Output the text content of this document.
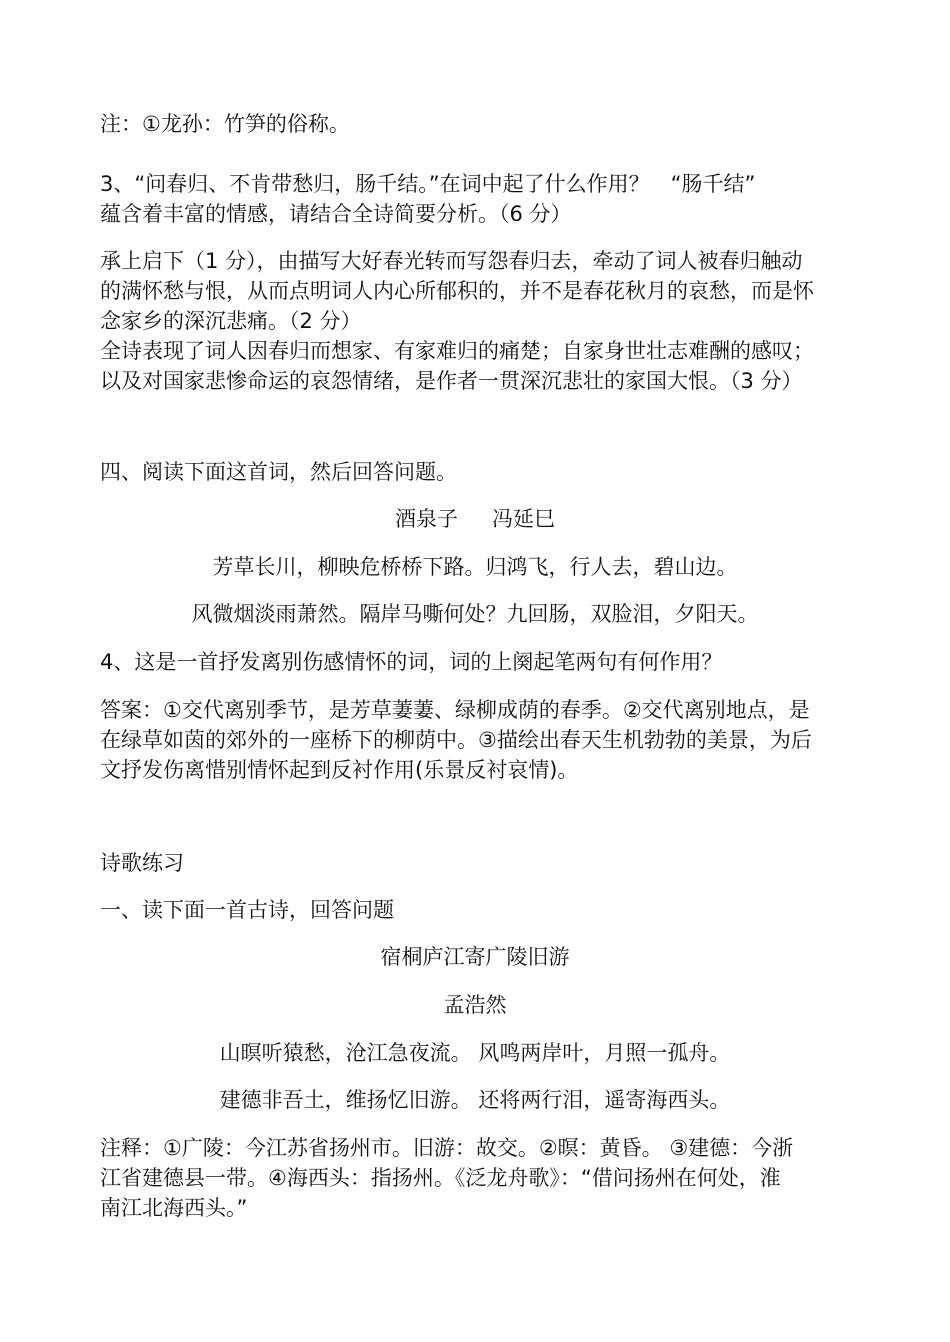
注：①龙孙：竹笋的俗称。

3、“问春归、不肯带愁归，肠千结。”在词中起了什么作用？　“肠千结”

蕴含着丰富的情感，请结合全诗简要分析。（6 分）

承上启下（1 分），由描写大好春光转而写怨春归去，牵动了词人被春归触动

的满怀愁与恨，从而点明词人内心所郁积的，并不是春花秋月的哀愁，而是怀

念家乡的深沉悲痛。（2 分）

全诗表现了词人因春归而想家、有家难归的痛楚；自家身世壮志难酬的感叹；

以及对国家悲惨命运的哀怨情绪，是作者一贯深沉悲壮的家国大恨。（3 分）

四、阅读下面这首词，然后回答问题。

酒泉子 冯延巳

芳草长川，柳映危桥桥下路。归鸿飞，行人去，碧山边。

风微烟淡雨萧然。隔岸马嘶何处？九回肠，双脸泪，夕阳天。

4、这是一首抒发离别伤感情怀的词，词的上阕起笔两句有何作用？

答案：①交代离别季节，是芳草萋萋、绿柳成荫的春季。②交代离别地点，是

在绿草如茵的郊外的一座桥下的柳荫中。③描绘出春天生机勃勃的美景，为后

文抒发伤离惜别情怀起到反衬作用(乐景反衬哀情)。

诗歌练习

一、读下面一首古诗，回答问题

宿桐庐江寄广陵旧游

孟浩然

山暝听猿愁，沧江急夜流。 风鸣两岸叶，月照一孤舟。

建德非吾土，维扬忆旧游。 还将两行泪，遥寄海西头。

注释：①广陵：今江苏省扬州市。旧游：故交。②暝：黄昏。 ③建德：今浙

江省建德县一带。④海西头：指扬州。《泛龙舟歌》：“借问扬州在何处，淮

南江北海西头。”
